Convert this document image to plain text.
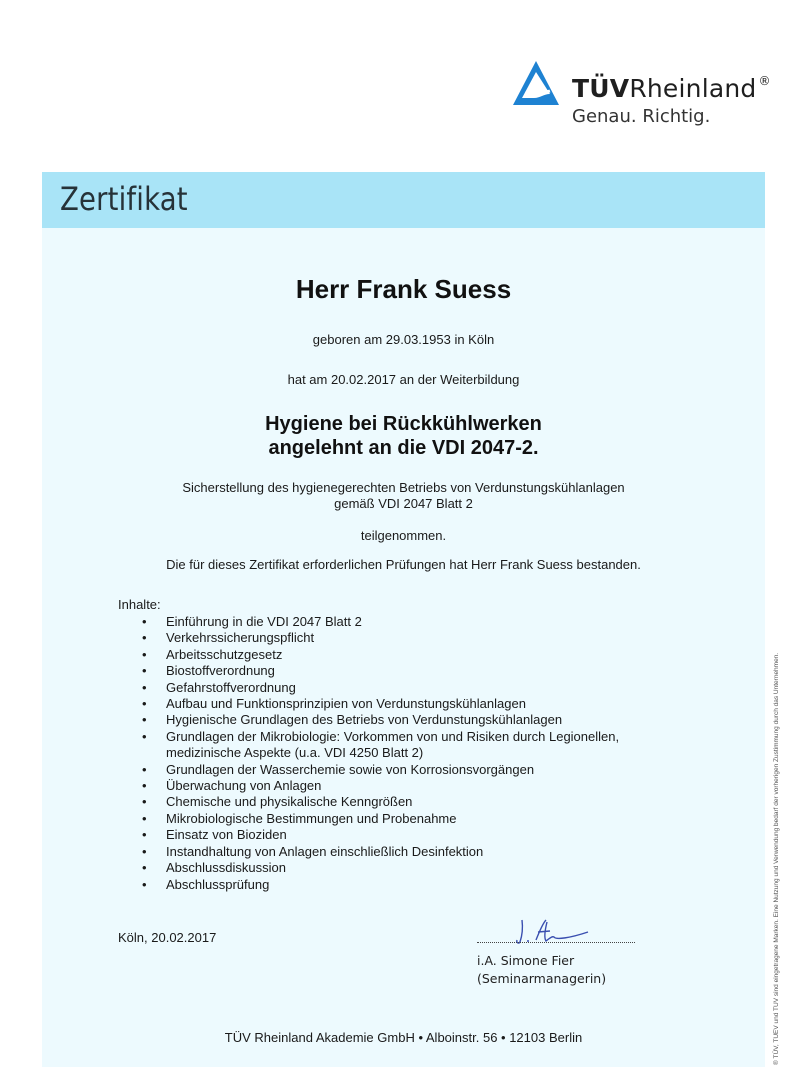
TÜVRheinland ®
Genau. Richtig.
Zertifikat
Herr Frank Suess
geboren am 29.03.1953 in Köln
hat am 20.02.2017 an der Weiterbildung
Hygiene bei Rückkühlwerken
angelehnt an die VDI 2047-2.
Sicherstellung des hygienegerechten Betriebs von Verdunstungskühlanlagen
gemäß VDI 2047 Blatt 2
teilgenommen.
Die für dieses Zertifikat erforderlichen Prüfungen hat Herr Frank Suess bestanden.
Inhalte:
• Einführung in die VDI 2047 Blatt 2
• Verkehrssicherungspflicht
• Arbeitsschutzgesetz
• Biostoffverordnung
• Gefahrstoffverordnung
• Aufbau und Funktionsprinzipien von Verdunstungskühlanlagen
• Hygienische Grundlagen des Betriebs von Verdunstungskühlanlagen
• Grundlagen der Mikrobiologie: Vorkommen von und Risiken durch Legionellen,
medizinische Aspekte (u.a. VDI 4250 Blatt 2)
• Grundlagen der Wasserchemie sowie von Korrosionsvorgängen
• Überwachung von Anlagen
• Chemische und physikalische Kenngrößen
• Mikrobiologische Bestimmungen und Probenahme
• Einsatz von Bioziden
• Instandhaltung von Anlagen einschließlich Desinfektion
• Abschlussdiskussion
• Abschlussprüfung
Köln, 20.02.2017
i.A. Simone Fier
(Seminarmanagerin)
TÜV Rheinland Akademie GmbH • Alboinstr. 56 • 12103 Berlin	® TÜV, TUEV und TUV sind eingetragene Marken. Eine Nutzung und Verwendung bedarf der vorherigen Zustimmung durch das Unternehmen.
